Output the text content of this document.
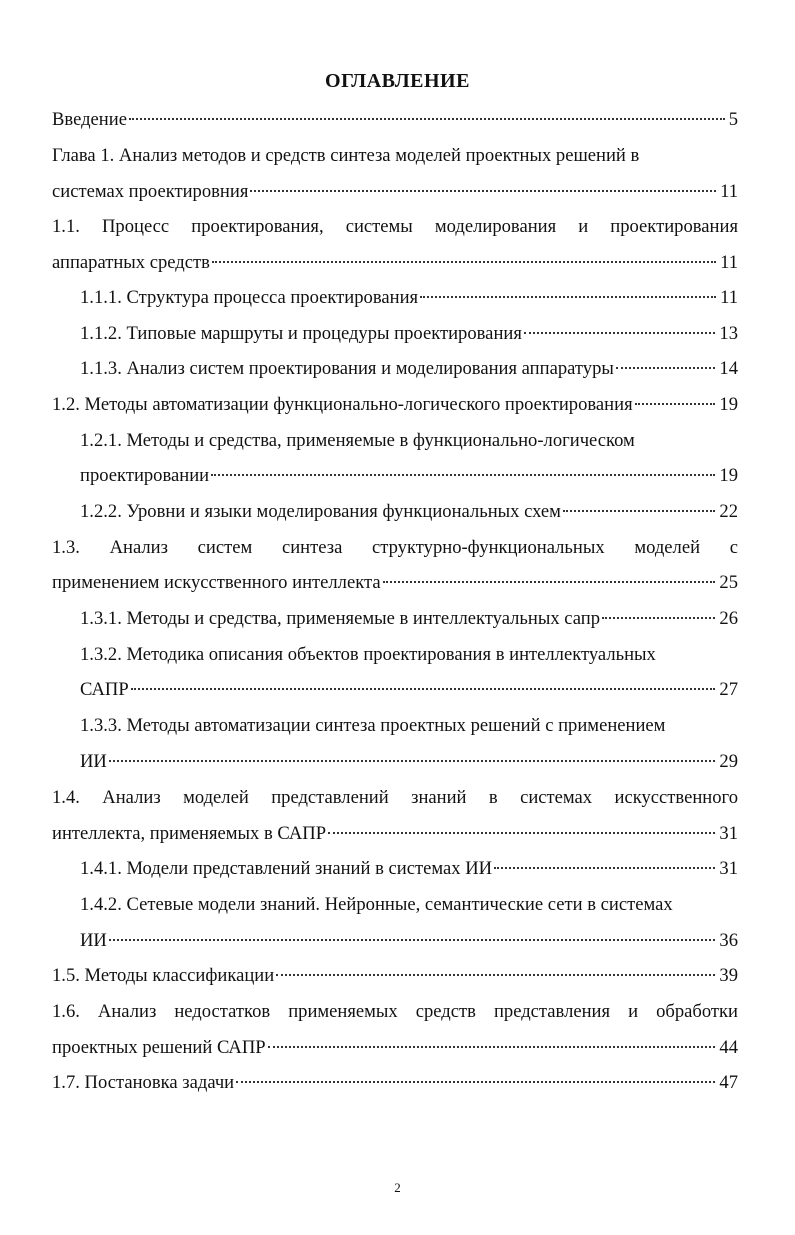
ОГЛАВЛЕНИЕ
Введение	5
Глава 1. Анализ методов и средств синтеза моделей проектных решений в
системах проектировния	11
1.1. Процесс проектирования, системы моделирования и проектирования
аппаратных средств	11
1.1.1. Структура процесса проектирования	11
1.1.2. Типовые маршруты и процедуры проектирования	13
1.1.3. Анализ систем проектирования и моделирования аппаратуры	14
1.2. Методы автоматизации функционально-логического проектирования	19
1.2.1. Методы и средства, применяемые в функционально-логическом
проектировании	19
1.2.2. Уровни и языки моделирования функциональных схем	22
1.3. Анализ систем синтеза структурно-функциональных моделей с
применением искусственного интеллекта	25
1.3.1. Методы и средства, применяемые в интеллектуальных сапр	26
1.3.2. Методика описания объектов проектирования в интеллектуальных
САПР	27
1.3.3. Методы автоматизации синтеза проектных решений с применением
ИИ	29
1.4. Анализ моделей представлений знаний в системах искусственного
интеллекта, применяемых в САПР	31
1.4.1. Модели представлений знаний в системах ИИ	31
1.4.2. Сетевые модели знаний. Нейронные, семантические сети в системах
ИИ	36
1.5. Методы классификации	39
1.6. Анализ недостатков применяемых средств представления и обработки
проектных решений САПР	44
1.7. Постановка задачи	47
2
